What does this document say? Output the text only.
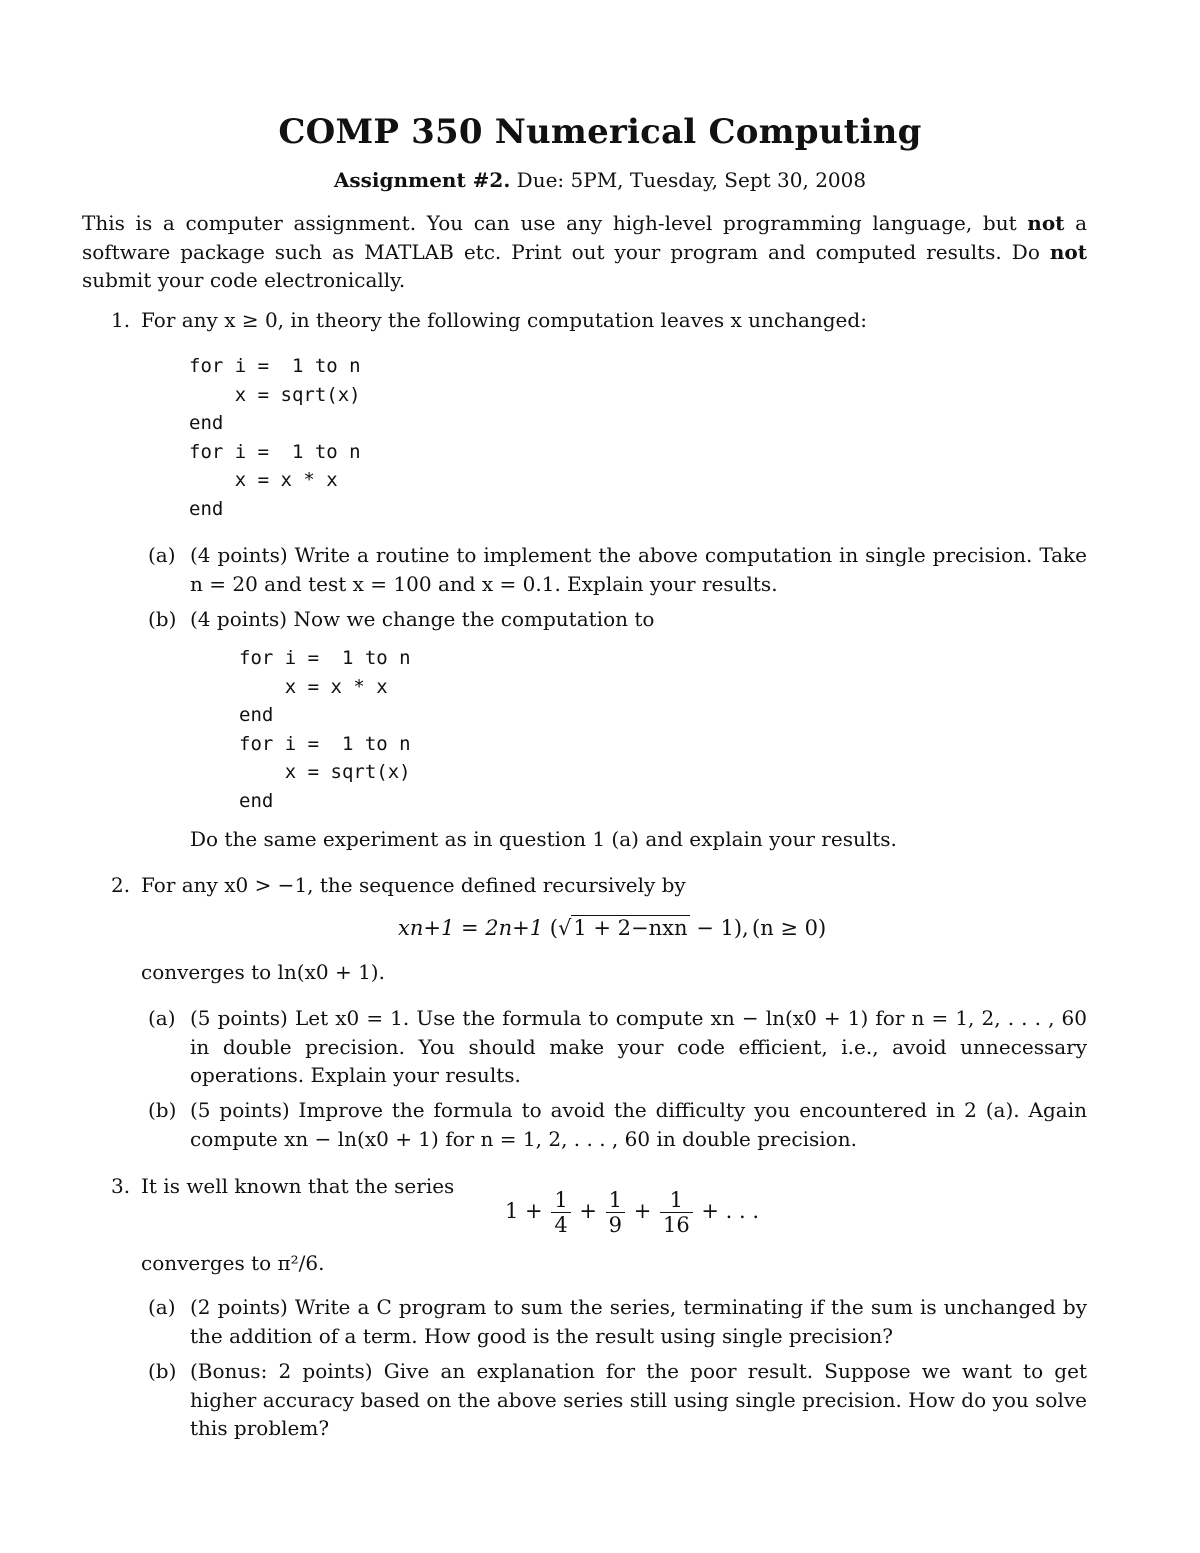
COMP 350 Numerical Computing
Assignment #2. Due: 5PM, Tuesday, Sept 30, 2008
This is a computer assignment. You can use any high-level programming language, but not a software package such as MATLAB etc. Print out your program and computed results. Do not submit your code electronically.
1. For any x ≥ 0, in theory the following computation leaves x unchanged:
for i =  1 to n
x = sqrt(x)
end
for i =  1 to n
x = x * x
end
(a) (4 points) Write a routine to implement the above computation in single precision. Take n = 20 and test x = 100 and x = 0.1. Explain your results.
(b) (4 points) Now we change the computation to
for i =  1 to n
x = x * x
end
for i =  1 to n
x = sqrt(x)
end
Do the same experiment as in question 1 (a) and explain your results.
2. For any x0 > −1, the sequence defined recursively by
xn+1 = 2n+1 (√1 + 2−nxn − 1), (n ≥ 0)
converges to ln(x0 + 1).
(a) (5 points) Let x0 = 1. Use the formula to compute xn − ln(x0 + 1) for n = 1, 2, . . . , 60 in double precision. You should make your code efficient, i.e., avoid unnecessary operations. Explain your results.
(b) (5 points) Improve the formula to avoid the difficulty you encountered in 2 (a). Again compute xn − ln(x0 + 1) for n = 1, 2, . . . , 60 in double precision.
3. It is well known that the series
$1 + \frac{1}{4} + \frac{1}{9} + \frac{1}{16}$ + . . .
converges to π²/6.
(a) (2 points) Write a C program to sum the series, terminating if the sum is unchanged by the addition of a term. How good is the result using single precision?
(b) (Bonus: 2 points) Give an explanation for the poor result. Suppose we want to get higher accuracy based on the above series still using single precision. How do you solve this problem?
